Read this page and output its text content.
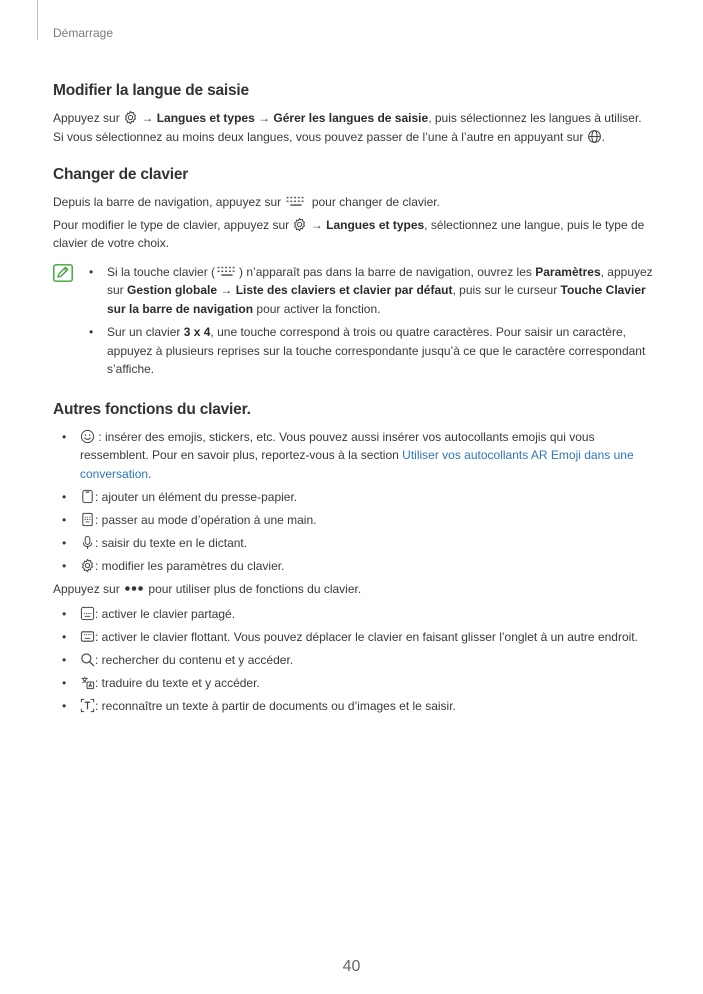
Démarrage
Modifier la langue de saisie

Appuyez sur
→ Langues et types → Gérer les langues de saisie, puis sélectionnez les langues à utiliser.
Si vous sélectionnez au moins deux langues, vous pouvez passer de l’une à l’autre en appuyant sur .

Changer de clavier

Depuis la barre de navigation, appuyez sur	pour changer de clavier.

Pour modifier le type de clavier, appuyez sur
→ Langues et types, sélectionnez une langue, puis le type de clavier de votre choix.

• Si la touche clavier ( ) n’apparaît pas dans la barre de navigation, ouvrez les Paramètres, appuyez sur Gestion globale → Liste des claviers et clavier par défaut, puis sur le curseur Touche Clavier sur la barre de navigation pour activer la fonction.
• Sur un clavier 3 x 4, une touche correspond à trois ou quatre caractères. Pour saisir un caractère, appuyez à plusieurs reprises sur la touche correspondante jusqu’à ce que le caractère correspondant s’affiche.
Autres fonctions du clavier.
• : insérer des emojis, stickers, etc. Vous pouvez aussi insérer vos autocollants emojis qui vous ressemblent. Pour en savoir plus, reportez-vous à la section Utiliser vos autocollants AR Emoji dans une conversation.
• : ajouter un élément du presse-papier.
• : passer au mode d’opération à une main.
• : saisir du texte en le dictant.
• : modifier les paramètres du clavier.

Appuyez sur pour utiliser plus de fonctions du clavier.

• : activer le clavier partagé.
• : activer le clavier flottant. Vous pouvez déplacer le clavier en faisant glisser l’onglet à un autre endroit.
• : rechercher du contenu et y accéder.
• : traduire du texte et y accéder.
• : reconnaître un texte à partir de documents ou d’images et le saisir.
40
